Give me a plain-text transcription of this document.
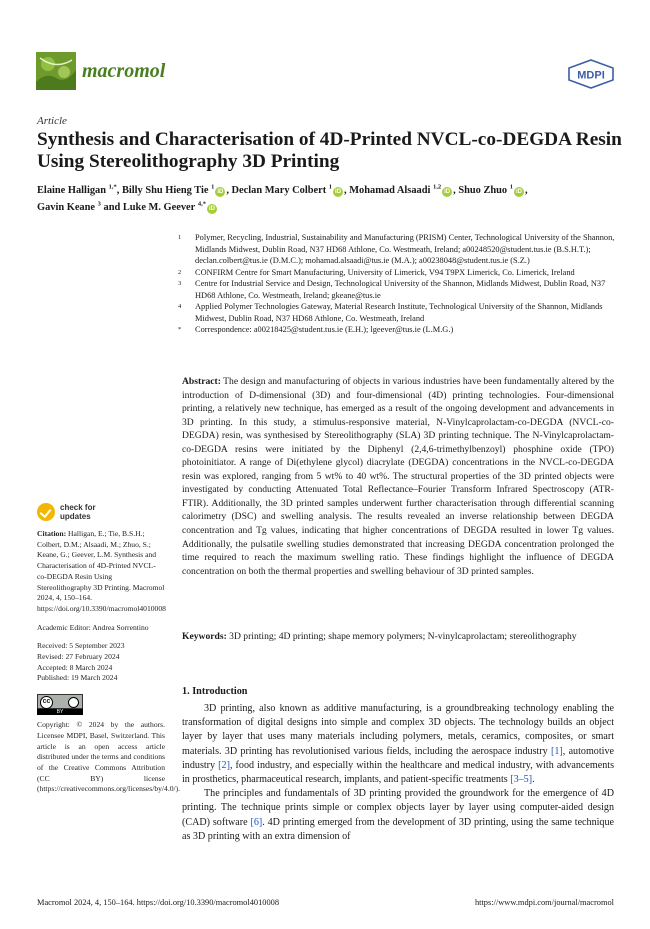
macromol	MDPI
Article
Synthesis and Characterisation of 4D-Printed NVCL-co-DEGDA Resin Using Stereolithography 3D Printing
Elaine Halligan $^{1,*}$, Billy Shu Hieng Tie $^1$iD , Declan Mary Colbert $^1$iD , Mohamad Alsaadi $^{1,2}$iD , Shuo Zhuo $^1$iD ,
Gavin Keane $^3$ and Luke M. Geever $^{4,*}$iD
1 Polymer, Recycling, Industrial, Sustainability and Manufacturing (PRISM) Center, Technological University of the Shannon, Midlands Midwest, Dublin Road, N37 HD68 Athlone, Co. Westmeath, Ireland; a00248520@student.tus.ie (B.S.H.T.); declan.colbert@tus.ie (D.M.C.); mohamad.alsaadi@tus.ie (M.A.); a00238048@student.tus.ie (S.Z.)
2 CONFIRM Centre for Smart Manufacturing, University of Limerick, V94 T9PX Limerick, Co. Limerick, Ireland
3 Centre for Industrial Service and Design, Technological University of the Shannon, Midlands Midwest, Dublin Road, N37 HD68 Athlone, Co. Westmeath, Ireland; gkeane@tus.ie
4 Applied Polymer Technologies Gateway, Material Research Institute, Technological University of the Shannon, Midlands Midwest, Dublin Road, N37 HD68 Athlone, Co. Westmeath, Ireland
* Correspondence: a00218425@student.tus.ie (E.H.); lgeever@tus.ie (L.M.G.)
Abstract: The design and manufacturing of objects in various industries have been fundamentally altered by the introduction of D-dimensional (3D) and four-dimensional (4D) printing technologies. Four-dimensional printing, a relatively new technique, has emerged as a result of the ongoing development and advancements in 3D printing. In this study, a stimulus-responsive material, N-Vinylcaprolactam-co-DEGDA (NVCL-co-DEGDA) resin, was synthesised by Stereolithography (SLA) 3D printing technique. The N-Vinylcaprolactam-co-DEGDA resins were initiated by the Diphenyl (2,4,6-trimethylbenzoyl) phosphine oxide (TPO) photoinitiator. A range of Di(ethylene glycol) diacrylate (DEGDA) concentrations in the NVCL-co-DEGDA resin was explored, ranging from 5 wt% to 40 wt%. The structural properties of the 3D printed objects were investigated by conducting Attenuated Total Reflectance–Fourier Transform Infrared Spectroscopy (ATR-FTIR). Additionally, the 3D printed samples underwent further characterisation through differential scanning calorimetry (DSC) and swelling analysis. The results revealed an inverse relationship between DEGDA concentration and Tg values, indicating that higher concentrations of DEGDA resulted in lower Tg values. Additionally, the pulsatile swelling studies demonstrated that increasing DEGDA concentration prolonged the time required to reach the maximum swelling ratio. These findings highlight the influence of DEGDA concentration on both the thermal properties and swelling behaviour of 3D printed samples.
Keywords: 3D printing; 4D printing; shape memory polymers; N-vinylcaprolactam; stereolithography
check for
updates
Citation: Halligan, E.; Tie, B.S.H.; Colbert, D.M.; Alsaadi, M.; Zhuo, S.; Keane, G.; Geever, L.M. Synthesis and Characterisation of 4D-Printed NVCL-co-DEGDA Resin Using Stereolithography 3D Printing. Macromol 2024, 4, 150–164. https://doi.org/10.3390/macromol4010008
Academic Editor: Andrea Sorrentino
Received: 5 September 2023
Revised: 27 February 2024
Accepted: 8 March 2024
Published: 19 March 2024
cc
BY
Copyright: © 2024 by the authors. Licensee MDPI, Basel, Switzerland. This article is an open access article distributed under the terms and conditions of the Creative Commons Attribution (CC BY) license (https://creativecommons.org/licenses/by/4.0/).
1. Introduction

3D printing, also known as additive manufacturing, is a groundbreaking technology enabling the transformation of digital designs into simple and complex 3D objects. The technology builds an object layer by layer that uses many materials including polymers, metals, ceramics, composites, or smart materials. 3D printing has revolutionised various fields, including the aerospace industry [1], automotive industry [2], food industry, and especially within the healthcare and medical industry, with advancements in prosthetics, pharmaceutical research, implants, and patient-specific treatments [3–5].

The principles and fundamentals of 3D printing provided the groundwork for the emergence of 4D printing. The technique prints simple or complex objects layer by layer using computer-aided design (CAD) software [6]. 4D printing emerged from the development of 3D printing, using the same technique as 3D printing with an extra dimension of

Macromol 2024, 4, 150–164. https://doi.org/10.3390/macromol4010008	https://www.mdpi.com/journal/macromol
